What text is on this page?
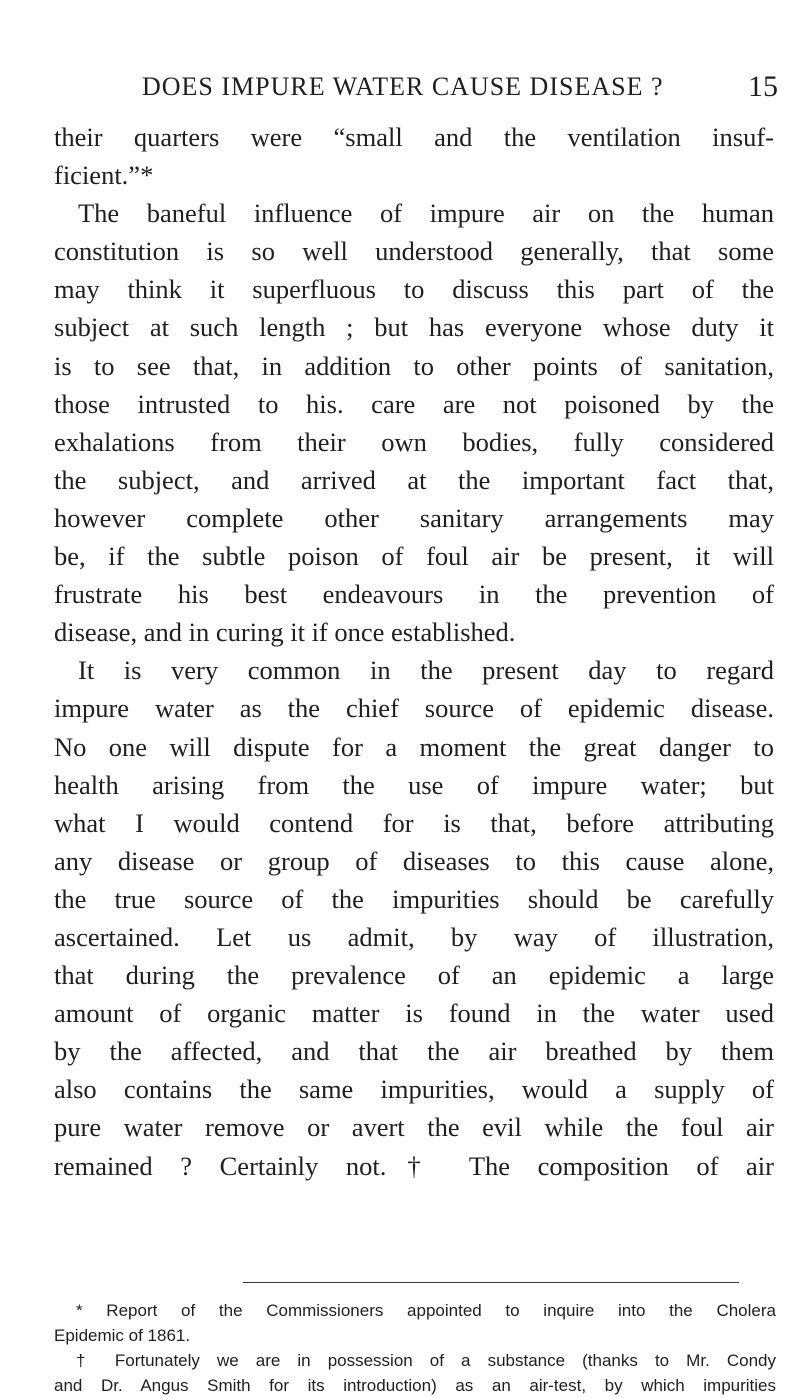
DOES IMPURE WATER CAUSE DISEASE ?	15
their quarters were “small and the ventilation insuf-
ficient.”*
The baneful influence of impure air on the human
constitution is so well understood generally, that some
may think it superfluous to discuss this part of the
subject at such length ; but has everyone whose duty it
is to see that, in addition to other points of sanitation,
those intrusted to his. care are not poisoned by the
exhalations from their own bodies, fully considered
the subject, and arrived at the important fact that,
however complete other sanitary arrangements may
be, if the subtle poison of foul air be present, it will
frustrate his best endeavours in the prevention of
disease, and in curing it if once established.
It is very common in the present day to regard
impure water as the chief source of epidemic disease.
No one will dispute for a moment the great danger to
health arising from the use of impure water; but
what I would contend for is that, before attributing
any disease or group of diseases to this cause alone,
the true source of the impurities should be carefully
ascertained. Let us admit, by way of illustration,
that during the prevalence of an epidemic a large
amount of organic matter is found in the water used
by the affected, and that the air breathed by them
also contains the same impurities, would a supply of
pure water remove or avert the evil while the foul air
remained ? Certainly not.† The composition of air
* Report of the Commissioners appointed to inquire into the Cholera
Epidemic of 1861.
† Fortunately we are in possession of a substance (thanks to Mr. Condy
and Dr. Angus Smith for its introduction) as an air-test, by which impurities
